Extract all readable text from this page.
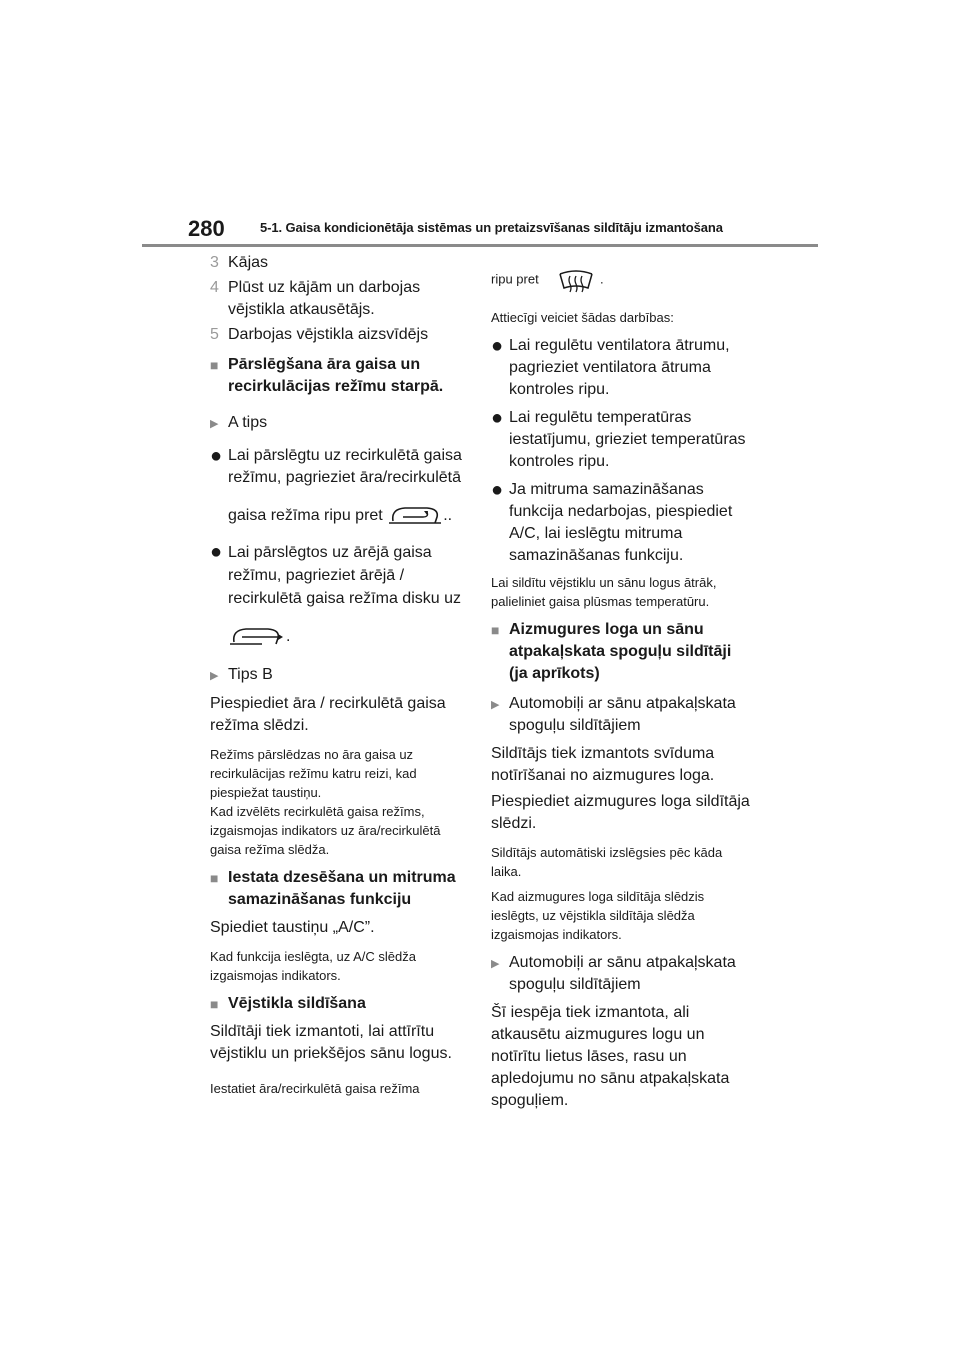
280	5-1. Gaisa kondicionētāja sistēmas un pretaizsvīšanas sildītāju izmantošana
3 Kājas
4 Plūst uz kājām un darbojas vējstikla atkausētājs.
5 Darbojas vējstikla aizsvīdējs
■ Pārslēgšana āra gaisa un recirkulācijas režīmu starpā.
▶ A tips
● Lai pārslēgtu uz recirkulētā gaisa režīmu, pagrieziet āra/recirkulētā
gaisa režīma ripu pret	..
● Lai pārslēgtos uz ārējā gaisa režīmu, pagrieziet ārējā / recirkulētā gaisa režīma disku uz
.
▶ Tips B

Piespiediet āra / recirkulētā gaisa režīma slēdzi.

Režīms pārslēdzas no āra gaisa uz recirkulācijas režīmu katru reizi, kad piespiežat taustiņu.

Kad izvēlēts recirkulētā gaisa režīms, izgaismojas indikators uz āra/recirkulētā gaisa režīma slēdža.

■ Iestata dzesēšana un mitruma samazināšanas funkciju

Spiediet taustiņu „A/C”.

Kad funkcija ieslēgta, uz A/C slēdža izgaismojas indikators.

■ Vējstikla sildīšana

Sildītāji tiek izmantoti, lai attīrītu vējstiklu un priekšējos sānu logus.

Iestatiet āra/recirkulētā gaisa režīma

ripu pret	.

Attiecīgi veiciet šādas darbības:

● Lai regulētu ventilatora ātrumu, pagrieziet ventilatora ātruma kontroles ripu.
● Lai regulētu temperatūras iestatījumu, grieziet temperatūras kontroles ripu.
● Ja mitruma samazināšanas funkcija nedarbojas, piespiediet A/C, lai ieslēgtu mitruma samazināšanas funkciju.

Lai sildītu vējstiklu un sānu logus ātrāk, palieliniet gaisa plūsmas temperatūru.

■ Aizmugures loga un sānu atpakaļskata spoguļu sildītāji (ja aprīkots)
▶ Automobiļi ar sānu atpakaļskata spoguļu sildītājiem

Sildītājs tiek izmantots svīduma notīrīšanai no aizmugures loga.

Piespiediet aizmugures loga sildītāja slēdzi.

Sildītājs automātiski izslēgsies pēc kāda laika.

Kad aizmugures loga sildītāja slēdzis ieslēgts, uz vējstikla sildītāja slēdža izgaismojas indikators.

▶ Automobiļi ar sānu atpakaļskata spoguļu sildītājiem

Šī iespēja tiek izmantota, ali atkausētu aizmugures logu un notīrītu lietus lāses, rasu un apledojumu no sānu atpakaļskata spoguļiem.
